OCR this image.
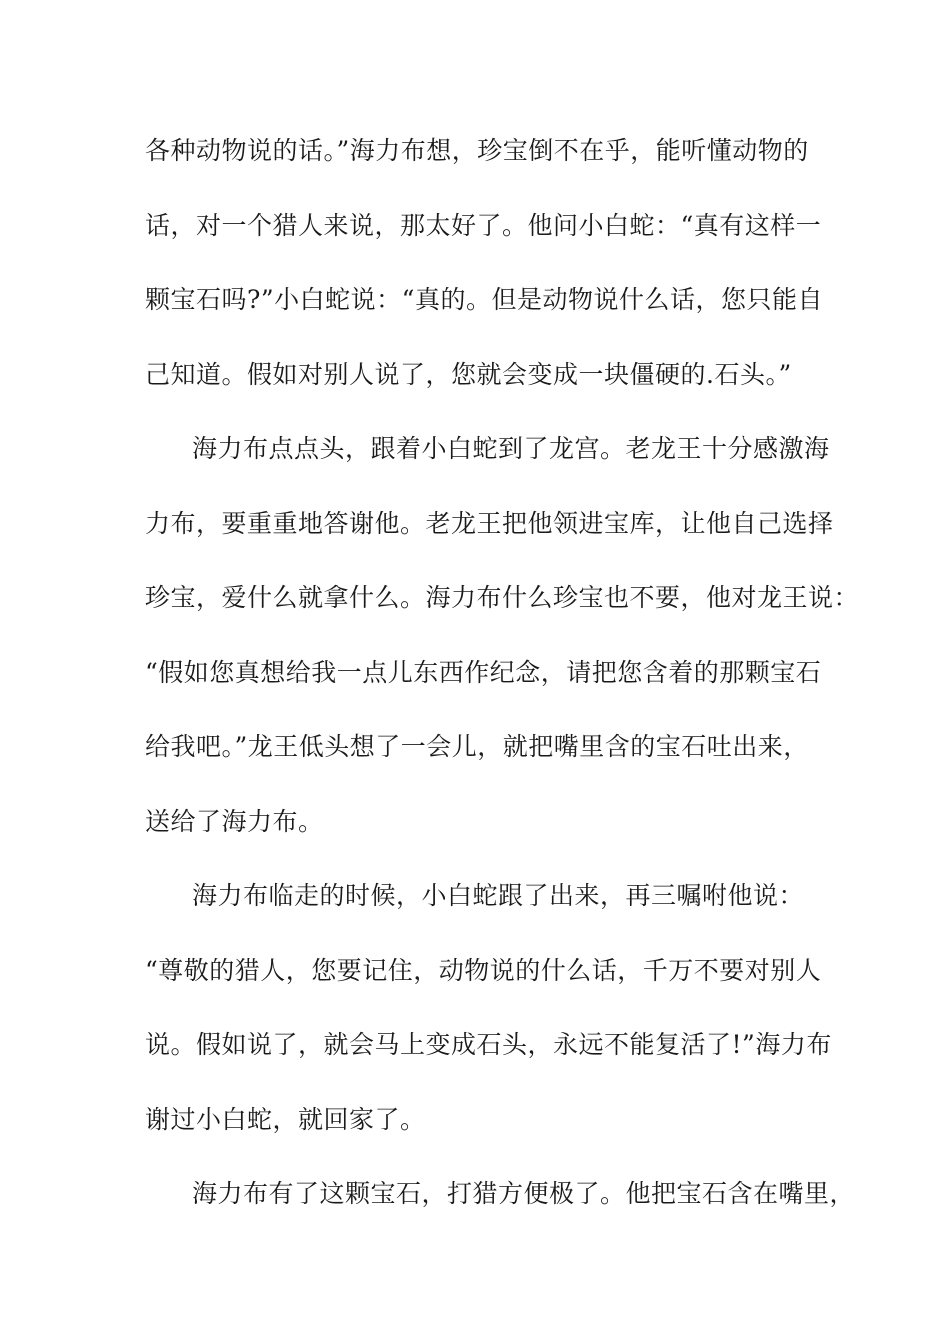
各种动物说的话。”海力布想，珍宝倒不在乎，能听懂动物的
话，对一个猎人来说，那太好了。他问小白蛇：“真有这样一
颗宝石吗?”小白蛇说：“真的。但是动物说什么话，您只能自
己知道。假如对别人说了，您就会变成一块僵硬的.石头。”
海力布点点头，跟着小白蛇到了龙宫。老龙王十分感激海
力布，要重重地答谢他。老龙王把他领进宝库，让他自己选择
珍宝，爱什么就拿什么。海力布什么珍宝也不要，他对龙王说：
“假如您真想给我一点儿东西作纪念，请把您含着的那颗宝石
给我吧。”龙王低头想了一会儿，就把嘴里含的宝石吐出来，
送给了海力布。
海力布临走的时候，小白蛇跟了出来，再三嘱咐他说：
“尊敬的猎人，您要记住，动物说的什么话，千万不要对别人
说。假如说了，就会马上变成石头，永远不能复活了!”海力布
谢过小白蛇，就回家了。
海力布有了这颗宝石，打猎方便极了。他把宝石含在嘴里，
